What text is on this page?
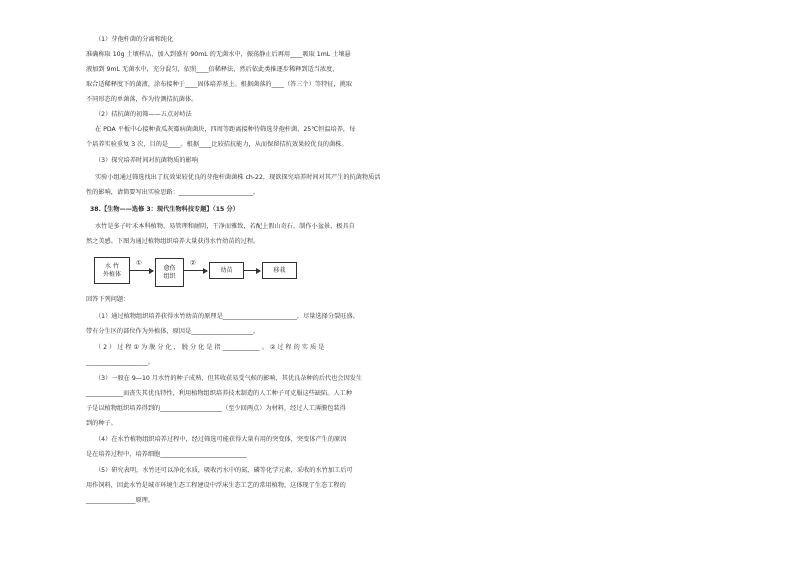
（1）芽孢杆菌的分离和纯化
准确称取 10g 土壤样品，加入到盛有 90mL 的无菌水中，振荡静止后再用____吸取 1mL 土壤悬
液加到 9mL 无菌水中，充分混匀，依照____倍稀释法，然后依此类推逐步稀释到适当浓度，
取合适稀释度下的菌液，涂布接种于____固体培养基上。根据菌落的____（答三个）等特征，挑取
不同形态的单菌落，作为待测拮抗菌体。
（2）拮抗菌的初筛——五点对峙法
在 PDA 平板中心接种黄瓜灰霉病菌菌块，四周等距离接种待筛选芽孢杆菌，25℃恒温培养，每
个培养实验重复 3 次，目的是____。根据____比较拮抗能力，从而保留拮抗效果较优良的菌株。
（3）探究培养时间对抗菌物质的影响
实验小组通过筛选找出了抗效果较优良的芽孢杆菌菌株 ch-22，现欲探究培养时间对其产生的抗菌物质活
性的影响，请简要写出实验思路：________________________。
38.【生物——选修 3：现代生物科技专题】（15 分）
水竹是多子叶禾本科植物，易管理和耐阴，干净而雅致，若配上假山奇石，制作小盆景，极具自
然之美感。下图为通过植物组织培养大量获得水竹幼苗的过程。
水 竹
外植体
①
愈伤
组织
②
幼苗	移栽
回答下列问题：
（1）通过植物组织培养获得水竹幼苗的原理是________________________，尽量选择分裂旺盛、
带有分生区的部位作为外植体，原因是____________________。
（ 2 ） 过 程 ① 为 脱 分 化 ， 脱 分 化 是 指 ____________ 。 ② 过 程 的 实 质 是
____________________。
（3）一般在 9—10 月水竹的种子成熟，但其收获易受气候的影响，其优良杂种的后代也会因发生
____________而丧失其优良特性，利用植物组织培养技术制造的人工种子可克服这些缺陷。人工种
子是以植物组织培养得到的____________________（至少回两点）为材料，经过人工薄膜包装得
到的种子。
（4）在水竹植物组织培养过程中，经过筛选可能获得大量有用的突变体，突变体产生的原因
是在培养过程中，培养细胞____________________________
（5）研究表明，水竹还可以净化水质，吸收污水中的氮、磷等化学元素，采收的水竹加工后可
用作饲料，因此水竹是城市环境生态工程建设中浮床生态工艺的常用植物，这体现了生态工程的
________________原理。
